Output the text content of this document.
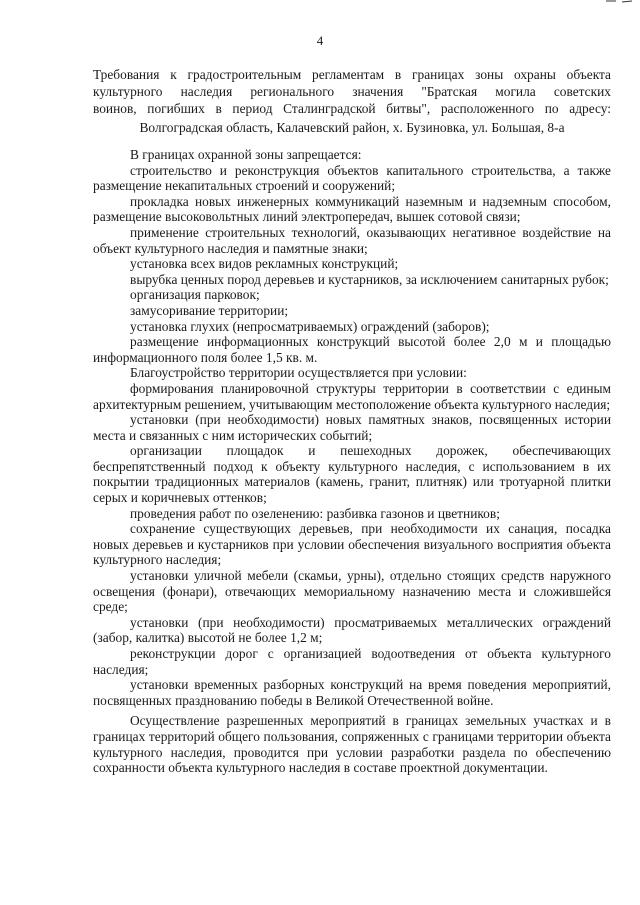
4
Требования к градостроительным регламентам в границах зоны охраны объекта
культурного наследия регионального значения "Братская могила советских
воинов, погибших в период Сталинградской битвы", расположенного по адресу:
Волгоградская область, Калачевский район, х. Бузиновка, ул. Большая, 8-а

В границах охранной зоны запрещается:

строительство и реконструкция объектов капитального строительства, а также размещение некапитальных строений и сооружений;

прокладка новых инженерных коммуникаций наземным и надземным способом, размещение высоковольтных линий электропередач, вышек сотовой связи;

применение строительных технологий, оказывающих негативное воздействие на объект культурного наследия и памятные знаки;

установка всех видов рекламных конструкций;

вырубка ценных пород деревьев и кустарников, за исключением санитарных рубок;

организация парковок;

замусоривание территории;

установка глухих (непросматриваемых) ограждений (заборов);

размещение информационных конструкций высотой более 2,0 м и площадью информационного поля более 1,5 кв. м.

Благоустройство территории осуществляется при условии:

формирования планировочной структуры территории в соответствии с единым архитектурным решением, учитывающим местоположение объекта культурного наследия;

установки (при необходимости) новых памятных знаков, посвященных истории места и связанных с ним исторических событий;

организации площадок и пешеходных дорожек, обеспечивающих беспрепятственный подход к объекту культурного наследия, с использованием в их покрытии традиционных материалов (камень, гранит, плитняк) или тротуарной плитки серых и коричневых оттенков;

проведения работ по озеленению: разбивка газонов и цветников;

сохранение существующих деревьев, при необходимости их санация, посадка новых деревьев и кустарников при условии обеспечения визуального восприятия объекта культурного наследия;

установки уличной мебели (скамьи, урны), отдельно стоящих средств наружного освещения (фонари), отвечающих мемориальному назначению места и сложившейся среде;

установки (при необходимости) просматриваемых металлических ограждений (забор, калитка) высотой не более 1,2 м;

реконструкции дорог с организацией водоотведения от объекта культурного наследия;

установки временных разборных конструкций на время поведения мероприятий, посвященных празднованию победы в Великой Отечественной войне.

Осуществление разрешенных мероприятий в границах земельных участках и в границах территорий общего пользования, сопряженных с границами территории объекта культурного наследия, проводится при условии разработки раздела по обеспечению сохранности объекта культурного наследия в составе проектной документации.
